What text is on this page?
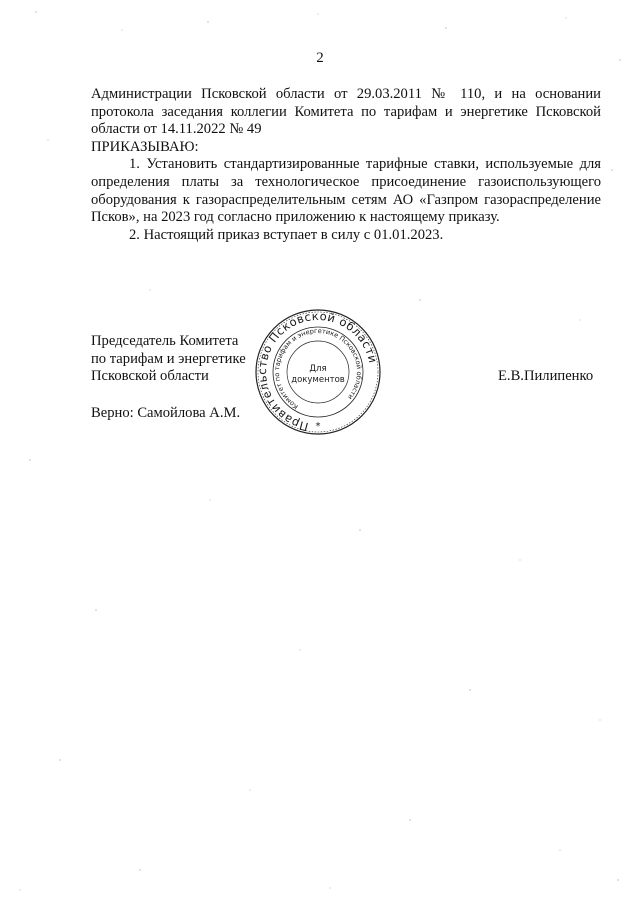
2

Администрации Псковской области от 29.03.2011 № 110, и на основании протокола заседания коллегии Комитета по тарифам и энергетике Псковской области от 14.11.2022 № 49

ПРИКАЗЫВАЮ:

1. Установить стандартизированные тарифные ставки, используемые для определения платы за технологическое присоединение газоиспользующего оборудования к газораспределительным сетям АО «Газпром газораспределение Псков», на 2023 год согласно приложению к настоящему приказу.

2. Настоящий приказ вступает в силу с 01.01.2023.

Председатель Комитета
по тарифам и энергетике
Псковской области	Е.В.Пилипенко
Верно: Самойлова А.М.
Правительство Псковской области
Комитет по тарифам и энергетике Псковской области
Для
документов
*
